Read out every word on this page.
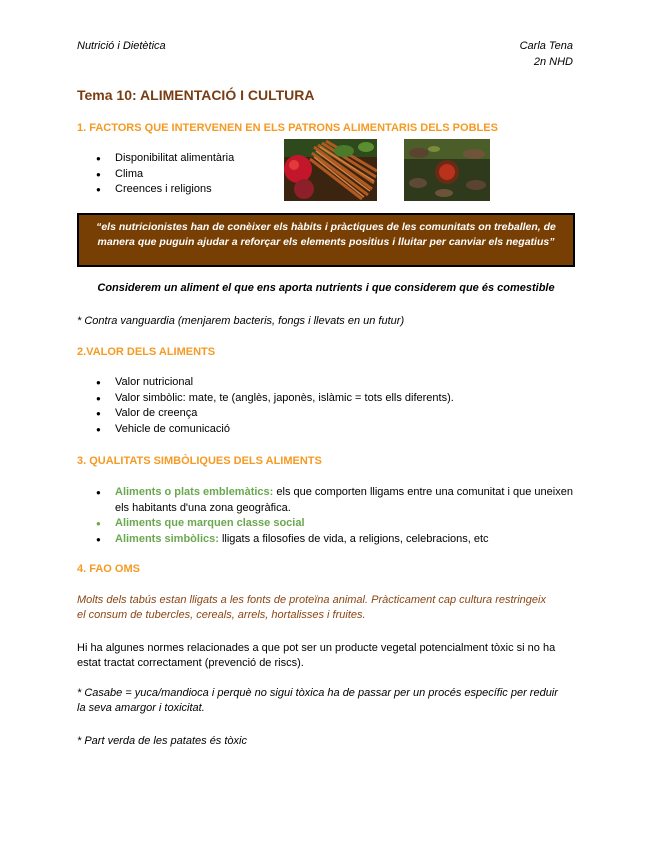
Nutrició i Dietètica	Carla Tena
2n NHD
Tema 10: ALIMENTACIÓ I CULTURA
1. FACTORS QUE INTERVENEN EN ELS PATRONS ALIMENTARIS DELS POBLES
● Disponibilitat alimentària
● Clima
● Creences i religions
“els nutricionistes han de conèixer els hàbits i pràctiques de les comunitats on treballen, de manera que puguin ajudar a reforçar els elements positius i lluitar per canviar els negatius”
Considerem un aliment el que ens aporta nutrients i que considerem que és comestible
* Contra vanguardia (menjarem bacteris, fongs i llevats en un futur)
2.VALOR DELS ALIMENTS
● Valor nutricional
● Valor simbòlic: mate, te (anglès, japonès, islàmic = tots ells diferents).
● Valor de creença
● Vehicle de comunicació
3. QUALITATS SIMBÒLIQUES DELS ALIMENTS
● Aliments o plats emblemàtics: els que comporten lligams entre una comunitat i que uneixen els habitants d'una zona geogràfica.
● Aliments que marquen classe social
● Aliments simbòlics: lligats a filosofies de vida, a religions, celebracions, etc
4. FAO OMS
Molts dels tabús estan lligats a les fonts de proteïna animal. Pràcticament cap cultura restringeix el consum de tubercles, cereals, arrels, hortalisses i fruites.
Hi ha algunes normes relacionades a que pot ser un producte vegetal potencialment tòxic si no ha estat tractat correctament (prevenció de riscs).
* Casabe = yuca/mandioca i perquè no sigui tòxica ha de passar per un procés específic per reduir la seva amargor i toxicitat.
* Part verda de les patates és tòxic
